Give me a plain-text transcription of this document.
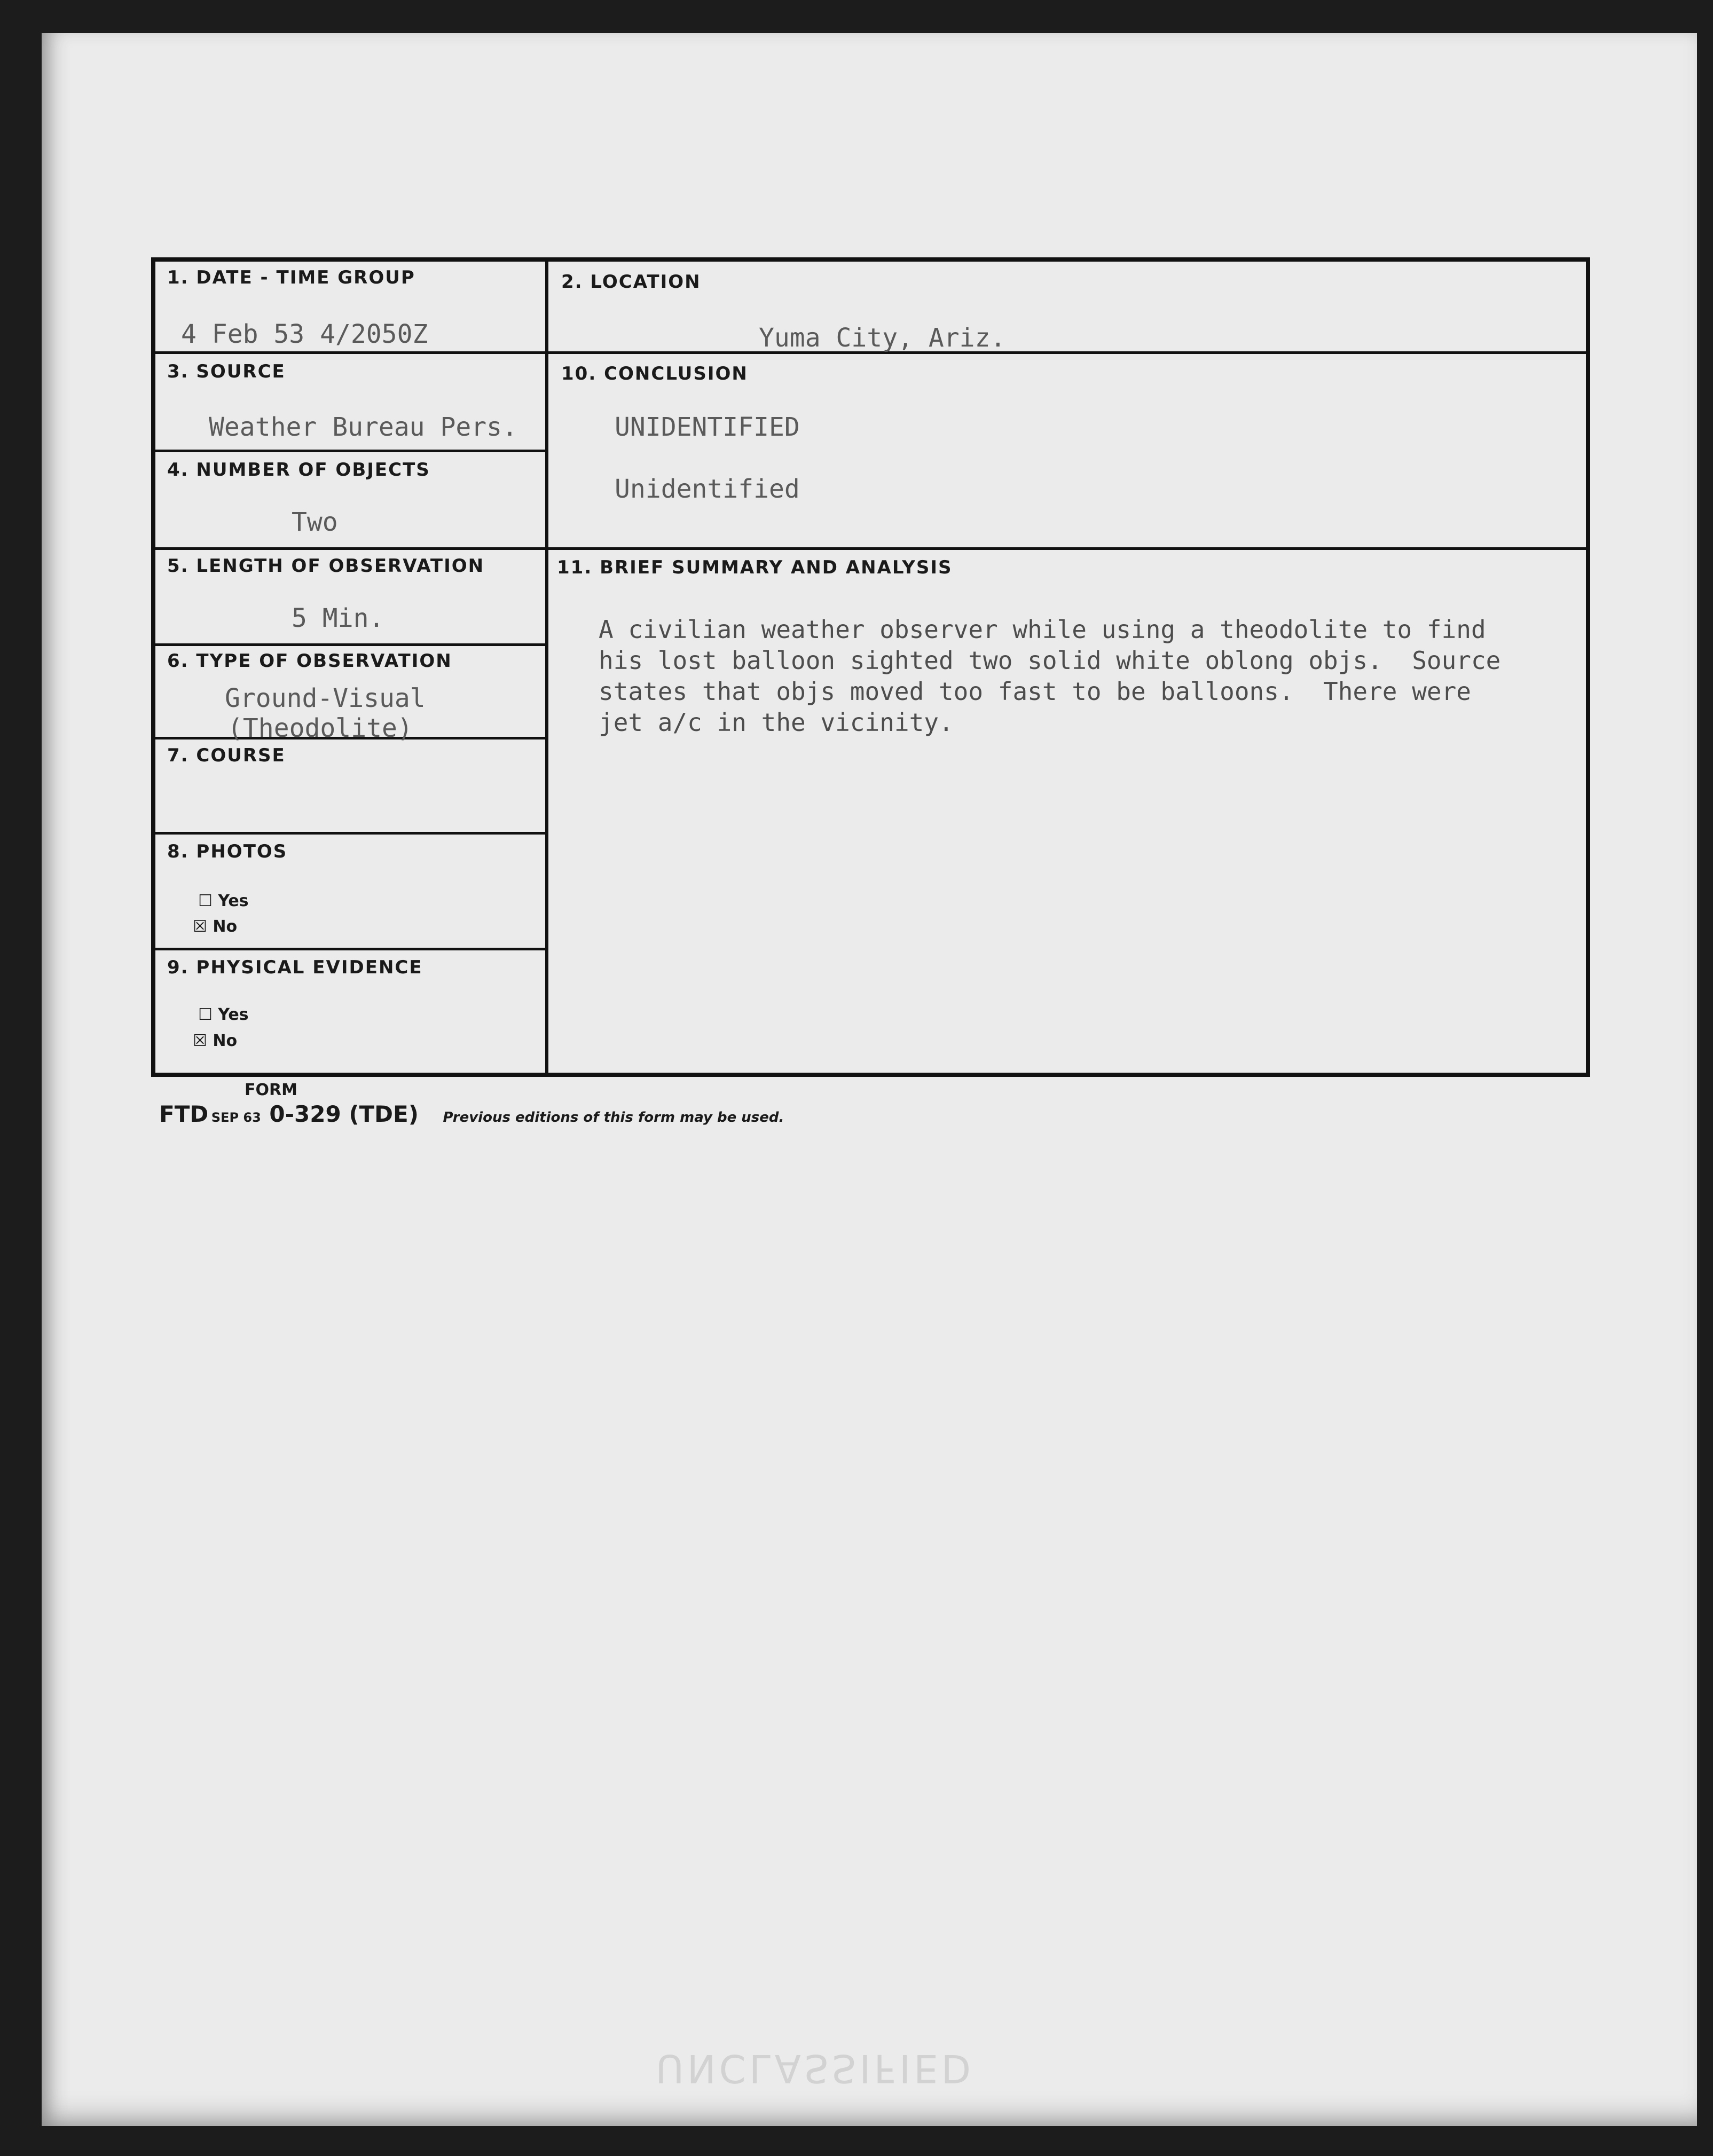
1. DATE - TIME GROUP
4 Feb 53 4/2050Z
2. LOCATION
Yuma City, Ariz.
3. SOURCE
Weather Bureau Pers.
10. CONCLUSION
UNIDENTIFIED
Unidentified
4. NUMBER OF OBJECTS
Two
5. LENGTH OF OBSERVATION
5 Min.
11. BRIEF SUMMARY AND ANALYSIS
A civilian weather observer while using a theodolite to find
his lost balloon sighted two solid white oblong objs.  Source
states that objs moved too fast to be balloons.  There were
jet a/c in the vicinity.
6. TYPE OF OBSERVATION
Ground-Visual
(Theodolite)
7. COURSE
8. PHOTOS
☐ Yes
☒ No
9. PHYSICAL EVIDENCE
☐ Yes
☒ No
FORM
FTD SEP 63 0-329 (TDE) Previous editions of this form may be used.
UNCLASSIFIED
